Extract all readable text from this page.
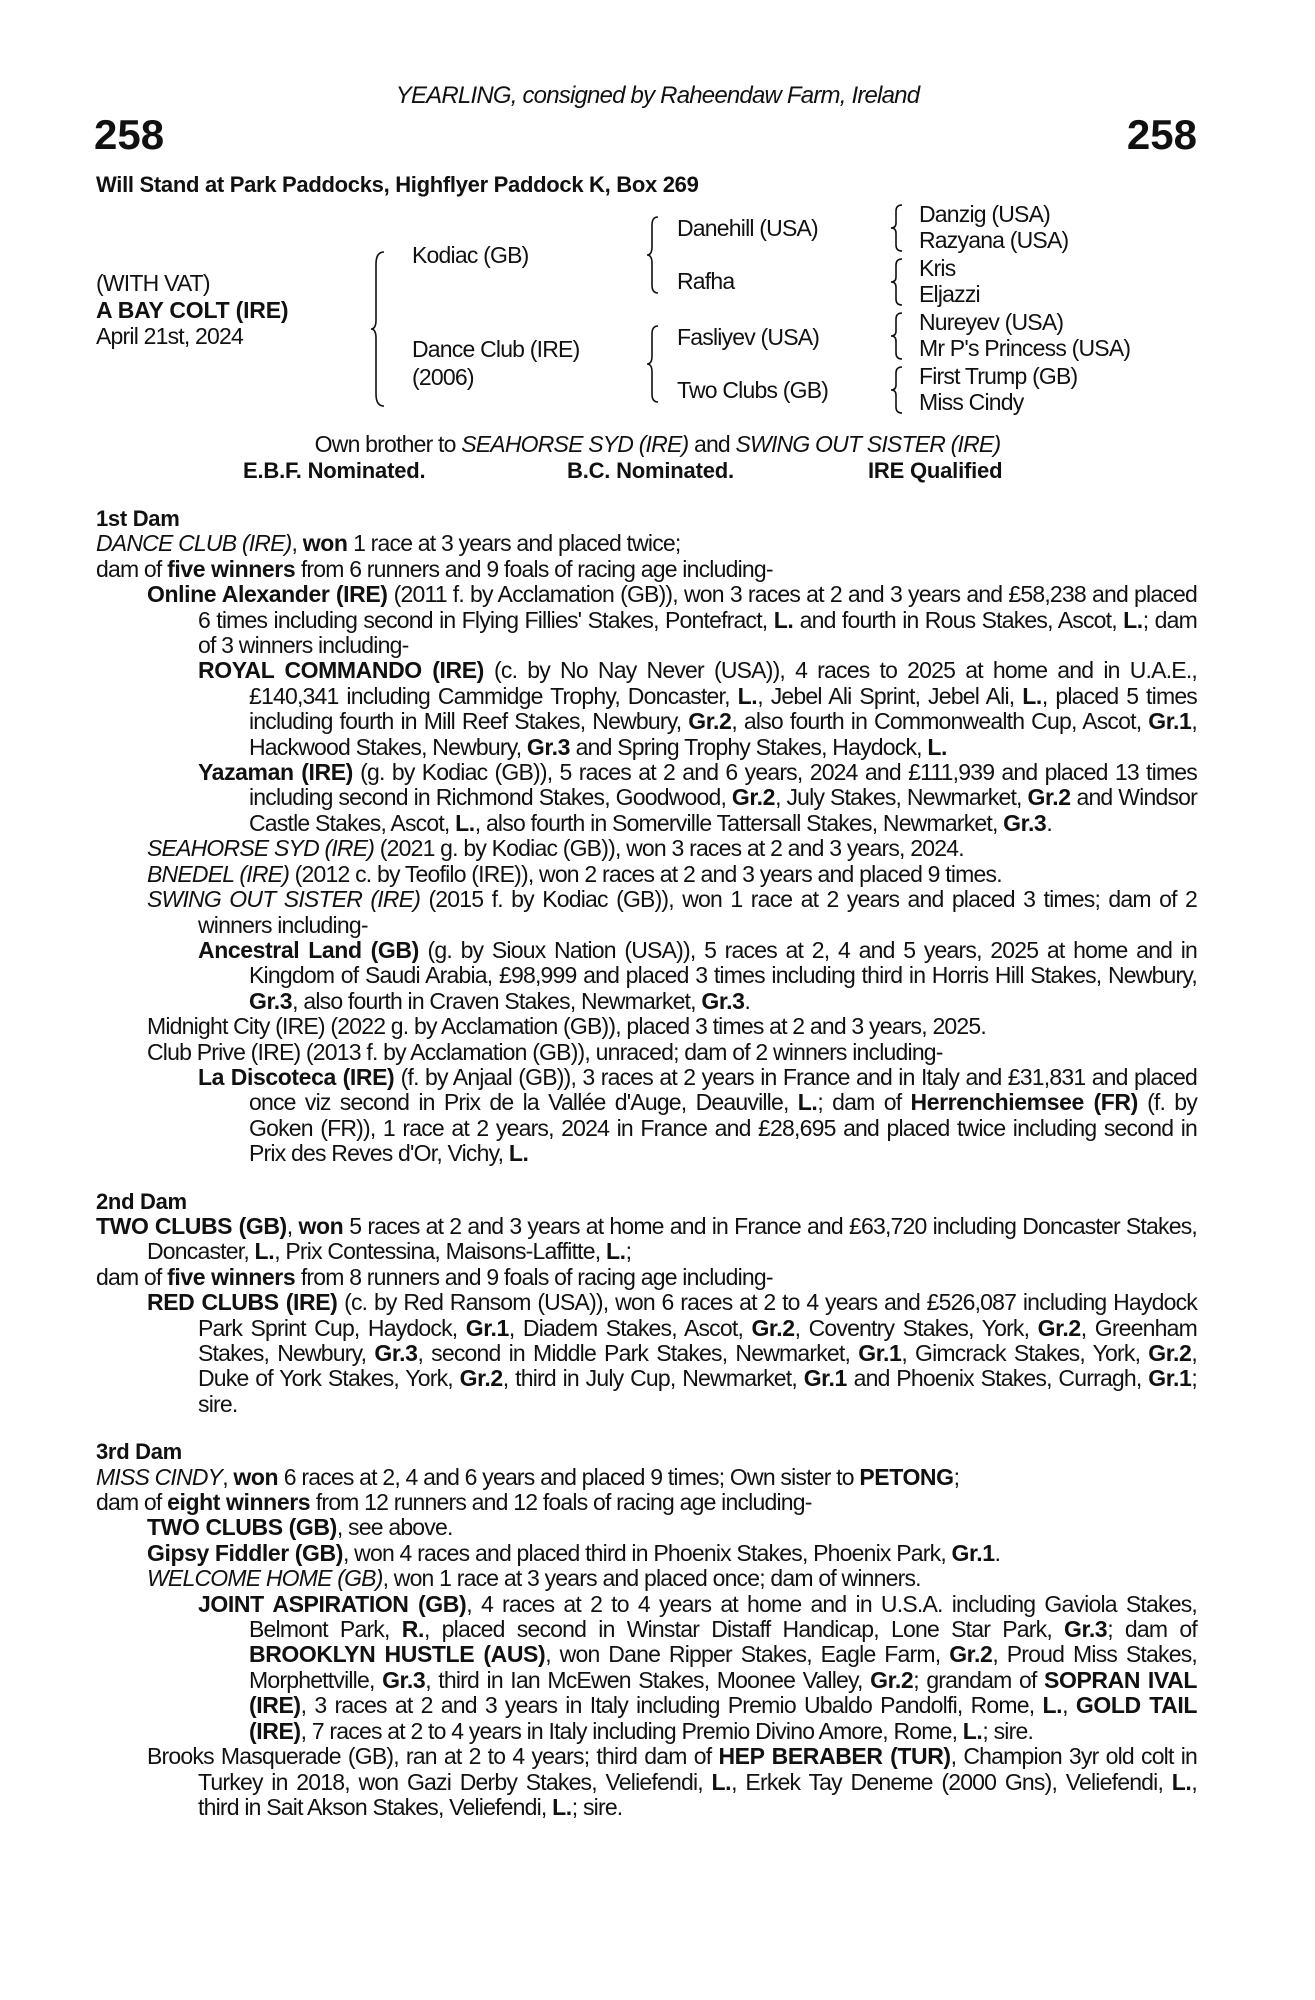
YEARLING, consigned by Raheendaw Farm, Ireland
258	258
Will Stand at Park Paddocks, Highflyer Paddock K, Box 269
(WITH VAT)
A BAY COLT (IRE)
April 21st, 2024
Kodiac (GB)
Dance Club (IRE)
(2006)
Danehill (USA)
Rafha
Fasliyev (USA)
Two Clubs (GB)
Danzig (USA)
Razyana (USA)
Kris
Eljazzi
Nureyev (USA)
Mr P's Princess (USA)
First Trump (GB)
Miss Cindy
Own brother to SEAHORSE SYD (IRE) and SWING OUT SISTER (IRE)
E.B.F. Nominated.	B.C. Nominated.	IRE Qualified
1st Dam

DANCE CLUB (IRE), won 1 race at 3 years and placed twice;

dam of five winners from 6 runners and 9 foals of racing age including-

Online Alexander (IRE) (2011 f. by Acclamation (GB)), won 3 races at 2 and 3 years and £58,238 and placed 6 times including second in Flying Fillies' Stakes, Pontefract, L. and fourth in Rous Stakes, Ascot, L.; dam of 3 winners including-

ROYAL COMMANDO (IRE) (c. by No Nay Never (USA)), 4 races to 2025 at home and in U.A.E., £140,341 including Cammidge Trophy, Doncaster, L., Jebel Ali Sprint, Jebel Ali, L., placed 5 times including fourth in Mill Reef Stakes, Newbury, Gr.2, also fourth in Commonwealth Cup, Ascot, Gr.1, Hackwood Stakes, Newbury, Gr.3 and Spring Trophy Stakes, Haydock, L.

Yazaman (IRE) (g. by Kodiac (GB)), 5 races at 2 and 6 years, 2024 and £111,939 and placed 13 times including second in Richmond Stakes, Goodwood, Gr.2, July Stakes, Newmarket, Gr.2 and Windsor Castle Stakes, Ascot, L., also fourth in Somerville Tattersall Stakes, Newmarket, Gr.3.

SEAHORSE SYD (IRE) (2021 g. by Kodiac (GB)), won 3 races at 2 and 3 years, 2024.

BNEDEL (IRE) (2012 c. by Teofilo (IRE)), won 2 races at 2 and 3 years and placed 9 times.

SWING OUT SISTER (IRE) (2015 f. by Kodiac (GB)), won 1 race at 2 years and placed 3 times; dam of 2 winners including-

Ancestral Land (GB) (g. by Sioux Nation (USA)), 5 races at 2, 4 and 5 years, 2025 at home and in Kingdom of Saudi Arabia, £98,999 and placed 3 times including third in Horris Hill Stakes, Newbury, Gr.3, also fourth in Craven Stakes, Newmarket, Gr.3.

Midnight City (IRE) (2022 g. by Acclamation (GB)), placed 3 times at 2 and 3 years, 2025.

Club Prive (IRE) (2013 f. by Acclamation (GB)), unraced; dam of 2 winners including-

La Discoteca (IRE) (f. by Anjaal (GB)), 3 races at 2 years in France and in Italy and £31,831 and placed once viz second in Prix de la Vallée d'Auge, Deauville, L.; dam of Herrenchiemsee (FR) (f. by Goken (FR)), 1 race at 2 years, 2024 in France and £28,695 and placed twice including second in Prix des Reves d'Or, Vichy, L.

2nd Dam

TWO CLUBS (GB), won 5 races at 2 and 3 years at home and in France and £63,720 including Doncaster Stakes, Doncaster, L., Prix Contessina, Maisons-Laffitte, L.;

dam of five winners from 8 runners and 9 foals of racing age including-

RED CLUBS (IRE) (c. by Red Ransom (USA)), won 6 races at 2 to 4 years and £526,087 including Haydock Park Sprint Cup, Haydock, Gr.1, Diadem Stakes, Ascot, Gr.2, Coventry Stakes, York, Gr.2, Greenham Stakes, Newbury, Gr.3, second in Middle Park Stakes, Newmarket, Gr.1, Gimcrack Stakes, York, Gr.2, Duke of York Stakes, York, Gr.2, third in July Cup, Newmarket, Gr.1 and Phoenix Stakes, Curragh, Gr.1; sire.

3rd Dam

MISS CINDY, won 6 races at 2, 4 and 6 years and placed 9 times; Own sister to PETONG;

dam of eight winners from 12 runners and 12 foals of racing age including-

TWO CLUBS (GB), see above.

Gipsy Fiddler (GB), won 4 races and placed third in Phoenix Stakes, Phoenix Park, Gr.1.

WELCOME HOME (GB), won 1 race at 3 years and placed once; dam of winners.

JOINT ASPIRATION (GB), 4 races at 2 to 4 years at home and in U.S.A. including Gaviola Stakes, Belmont Park, R., placed second in Winstar Distaff Handicap, Lone Star Park, Gr.3; dam of BROOKLYN HUSTLE (AUS), won Dane Ripper Stakes, Eagle Farm, Gr.2, Proud Miss Stakes, Morphettville, Gr.3, third in Ian McEwen Stakes, Moonee Valley, Gr.2; grandam of SOPRAN IVAL (IRE), 3 races at 2 and 3 years in Italy including Premio Ubaldo Pandolfi, Rome, L., GOLD TAIL (IRE), 7 races at 2 to 4 years in Italy including Premio Divino Amore, Rome, L.; sire.

Brooks Masquerade (GB), ran at 2 to 4 years; third dam of HEP BERABER (TUR), Champion 3yr old colt in Turkey in 2018, won Gazi Derby Stakes, Veliefendi, L., Erkek Tay Deneme (2000 Gns), Veliefendi, L., third in Sait Akson Stakes, Veliefendi, L.; sire.
